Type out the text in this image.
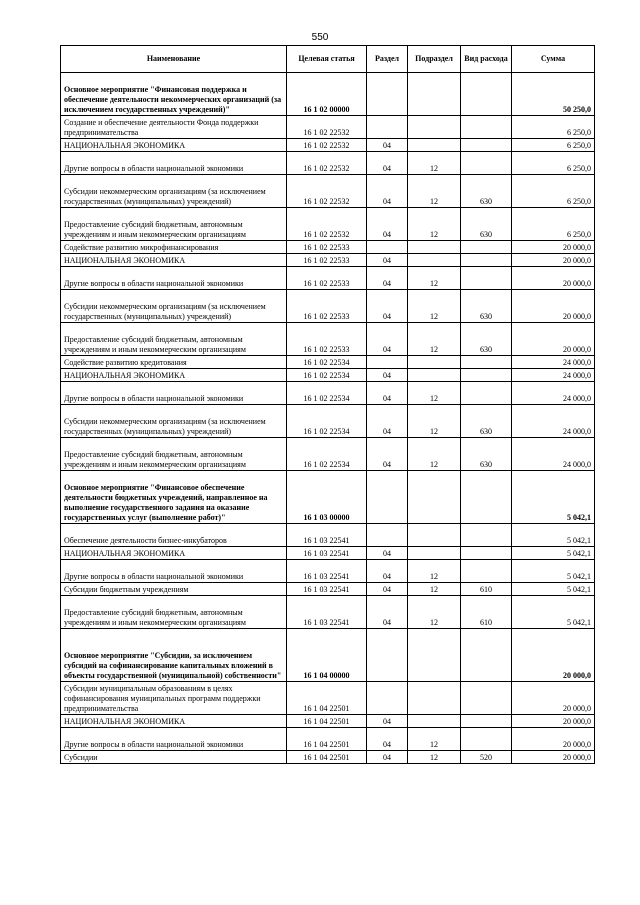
550
Наименование	Целевая статья	Раздел	Подраздел	Вид расхода	Сумма
Основное мероприятие "Финансовая поддержка и обеспечение деятельности некоммерческих организаций (за исключением государственных учреждений)"	16 1 02 00000				50 250,0
Создание и обеспечение деятельности Фонда поддержки предпринимательства	16 1 02 22532				6 250,0
НАЦИОНАЛЬНАЯ ЭКОНОМИКА	16 1 02 22532	04			6 250,0
Другие вопросы в области национальной экономики	16 1 02 22532	04	12		6 250,0
Субсидии некоммерческим организациям (за исключением государственных (муниципальных) учреждений)	16 1 02 22532	04	12	630	6 250,0
Предоставление субсидий бюджетным, автономным учреждениям и иным некоммерческим организациям	16 1 02 22532	04	12	630	6 250,0
Содействие развитию микрофинансирования	16 1 02 22533				20 000,0
НАЦИОНАЛЬНАЯ ЭКОНОМИКА	16 1 02 22533	04			20 000,0
Другие вопросы в области национальной экономики	16 1 02 22533	04	12		20 000,0
Субсидии некоммерческим организациям (за исключением государственных (муниципальных) учреждений)	16 1 02 22533	04	12	630	20 000,0
Предоставление субсидий бюджетным, автономным учреждениям и иным некоммерческим организациям	16 1 02 22533	04	12	630	20 000,0
Содействие развитию кредитования	16 1 02 22534				24 000,0
НАЦИОНАЛЬНАЯ ЭКОНОМИКА	16 1 02 22534	04			24 000,0
Другие вопросы в области национальной экономики	16 1 02 22534	04	12		24 000,0
Субсидии некоммерческим организациям (за исключением государственных (муниципальных) учреждений)	16 1 02 22534	04	12	630	24 000,0
Предоставление субсидий бюджетным, автономным учреждениям и иным некоммерческим организациям	16 1 02 22534	04	12	630	24 000,0
Основное мероприятие "Финансовое обеспечение деятельности бюджетных учреждений, направленное на выполнение государственного задания на оказание государственных услуг (выполнение работ)"	16 1 03 00000				5 042,1
Обеспечение деятельности бизнес-инкубаторов	16 1 03 22541				5 042,1
НАЦИОНАЛЬНАЯ ЭКОНОМИКА	16 1 03 22541	04			5 042,1
Другие вопросы в области национальной экономики	16 1 03 22541	04	12		5 042,1
Субсидии бюджетным учреждениям	16 1 03 22541	04	12	610	5 042,1
Предоставление субсидий бюджетным, автономным учреждениям и иным некоммерческим организациям	16 1 03 22541	04	12	610	5 042,1
Основное мероприятие "Субсидии, за исключением субсидий на софинансирование капитальных вложений в объекты государственной (муниципальной) собственности"	16 1 04 00000				20 000,0
Субсидии муниципальным образованиям в целях софинансирования муниципальных программ поддержки предпринимательства	16 1 04 22501				20 000,0
НАЦИОНАЛЬНАЯ ЭКОНОМИКА	16 1 04 22501	04			20 000,0
Другие вопросы в области национальной экономики	16 1 04 22501	04	12		20 000,0
Субсидии	16 1 04 22501	04	12	520	20 000,0
